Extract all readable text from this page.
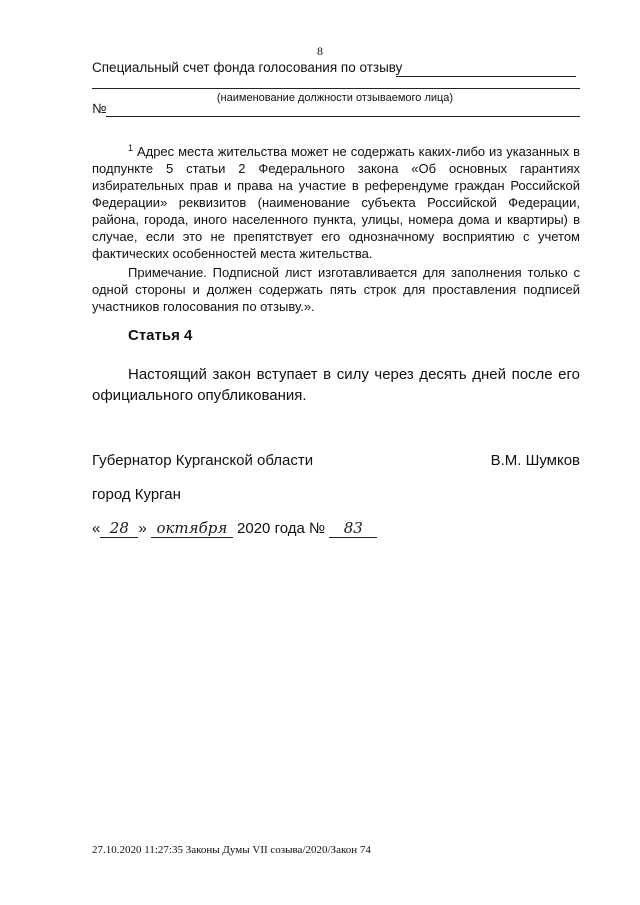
8
Специальный счет фонда голосования по отзыву
(наименование должности отзываемого лица)
№

$^1$ Адрес места жительства может не содержать каких-либо из указанных в подпункте 5 статьи 2 Федерального закона «Об основных гарантиях избирательных прав и права на участие в референдуме граждан Российской Федерации» реквизитов (наименование субъекта Российской Федерации, района, города, иного населенного пункта, улицы, номера дома и квартиры) в случае, если это не препятствует его однозначному восприятию с учетом фактических особенностей места жительства.

Примечание. Подписной лист изготавливается для заполнения только с одной стороны и должен содержать пять строк для проставления подписей участников голосования по отзыву.».
Статья 4
Настоящий закон вступает в силу через десять дней после его официального опубликования.
Губернатор Курганской области	В.М. Шумков
город Курган
« 28 » октября 2020 года № 83
27.10.2020 11:27:35 Законы Думы VII созыва/2020/Закон 74
